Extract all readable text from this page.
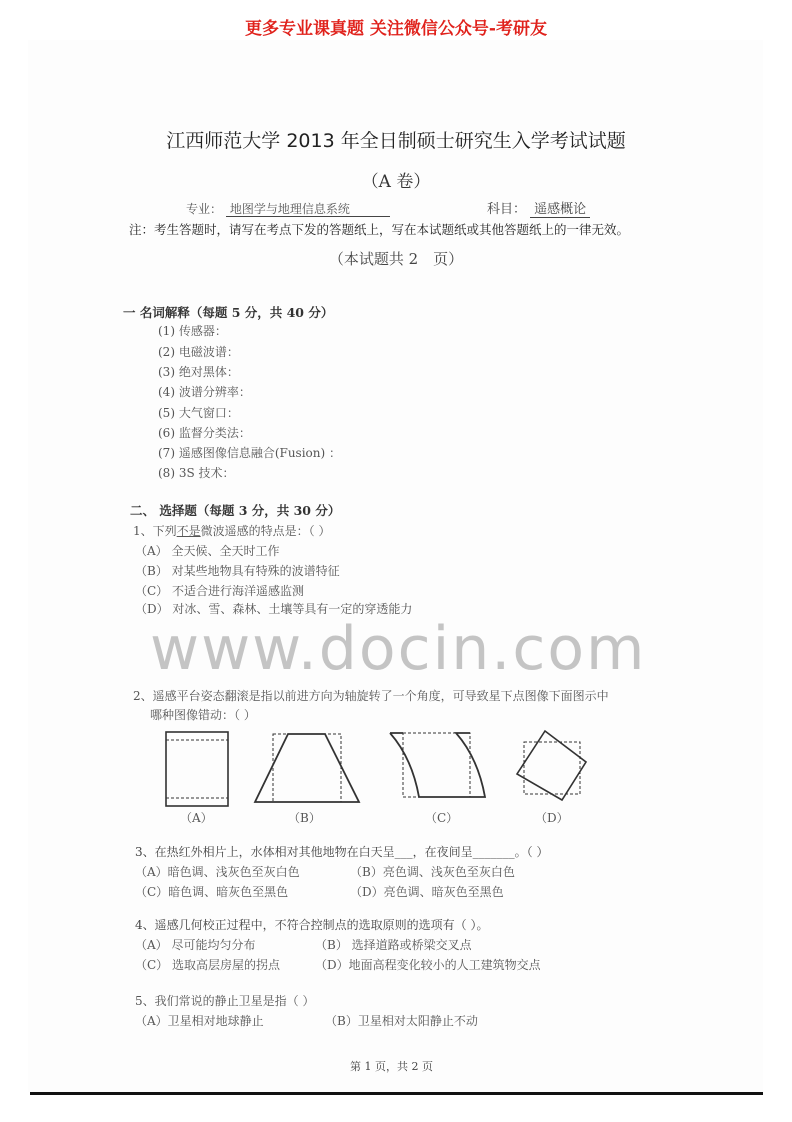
更多专业课真题 关注微信公众号-考研友
江西师范大学 2013 年全日制硕士研究生入学考试试题
（A 卷）
专业： 地图学与地理信息系统	科目： 遥感概论
注：考生答题时，请写在考点下发的答题纸上，写在本试题纸或其他答题纸上的一律无效。
（本试题共 2　页）
一 名词解释（每题 5 分，共 40 分）
(1) 传感器：
(2) 电磁波谱：
(3) 绝对黑体：
(4) 波谱分辨率：
(5) 大气窗口：
(6) 监督分类法：
(7) 遥感图像信息融合(Fusion) ：
(8) 3S 技术：
二、 选择题（每题 3 分，共 30 分）
1、下列不是微波遥感的特点是：（ ）
（A） 全天候、全天时工作
（B） 对某些地物具有特殊的波谱特征
（C） 不适合进行海洋遥感监测
（D） 对冰、雪、森林、土壤等具有一定的穿透能力
www.docin.com
2、遥感平台姿态翻滚是指以前进方向为轴旋转了一个角度，可导致星下点图像下面图示中
哪种图像错动：（ ）
（A）	（B）	（C）	（D）
3、在热红外相片上，水体相对其他地物在白天呈___，在夜间呈_______。（ ）
（A）暗色调、浅灰色至灰白色	（B）亮色调、浅灰色至灰白色
（C）暗色调、暗灰色至黑色	（D）亮色调、暗灰色至黑色
4、遥感几何校正过程中，不符合控制点的选取原则的选项有（ ）。
（A） 尽可能均匀分布	（B） 选择道路或桥梁交叉点
（C） 选取高层房屋的拐点	（D）地面高程变化较小的人工建筑物交点
5、我们常说的静止卫星是指（ ）
（A）卫星相对地球静止	（B）卫星相对太阳静止不动
第 1 页，共 2 页
